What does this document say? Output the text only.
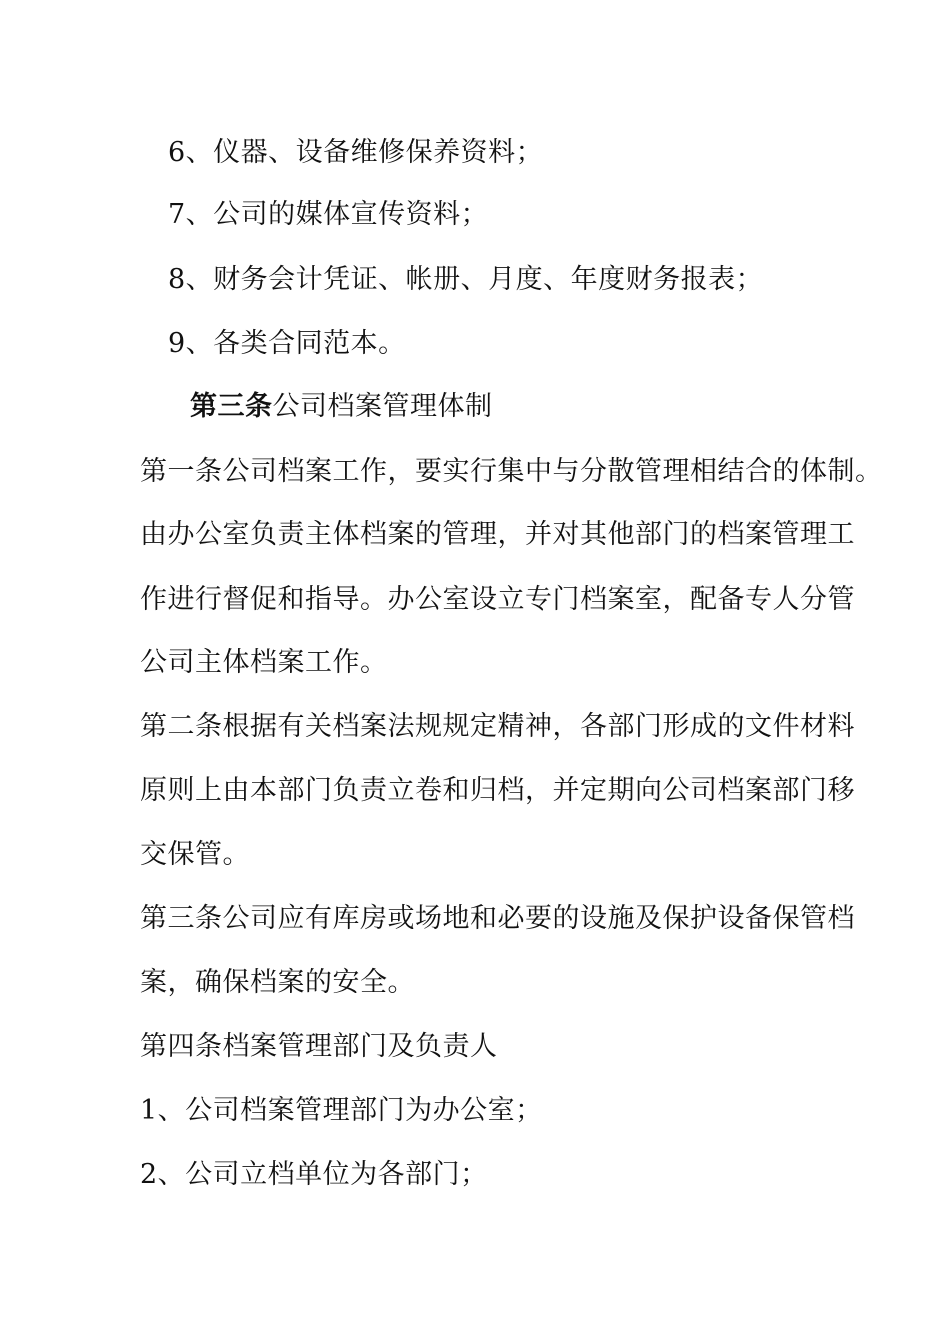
6、仪器、设备维修保养资料；
7、公司的媒体宣传资料；
8、财务会计凭证、帐册、月度、年度财务报表；
9、各类合同范本。
第三条公司档案管理体制
第一条公司档案工作，要实行集中与分散管理相结合的体制。
由办公室负责主体档案的管理，并对其他部门的档案管理工
作进行督促和指导。办公室设立专门档案室，配备专人分管
公司主体档案工作。
第二条根据有关档案法规规定精神，各部门形成的文件材料
原则上由本部门负责立卷和归档，并定期向公司档案部门移
交保管。
第三条公司应有库房或场地和必要的设施及保护设备保管档
案，确保档案的安全。
第四条档案管理部门及负责人
1、公司档案管理部门为办公室；
2、公司立档单位为各部门；
